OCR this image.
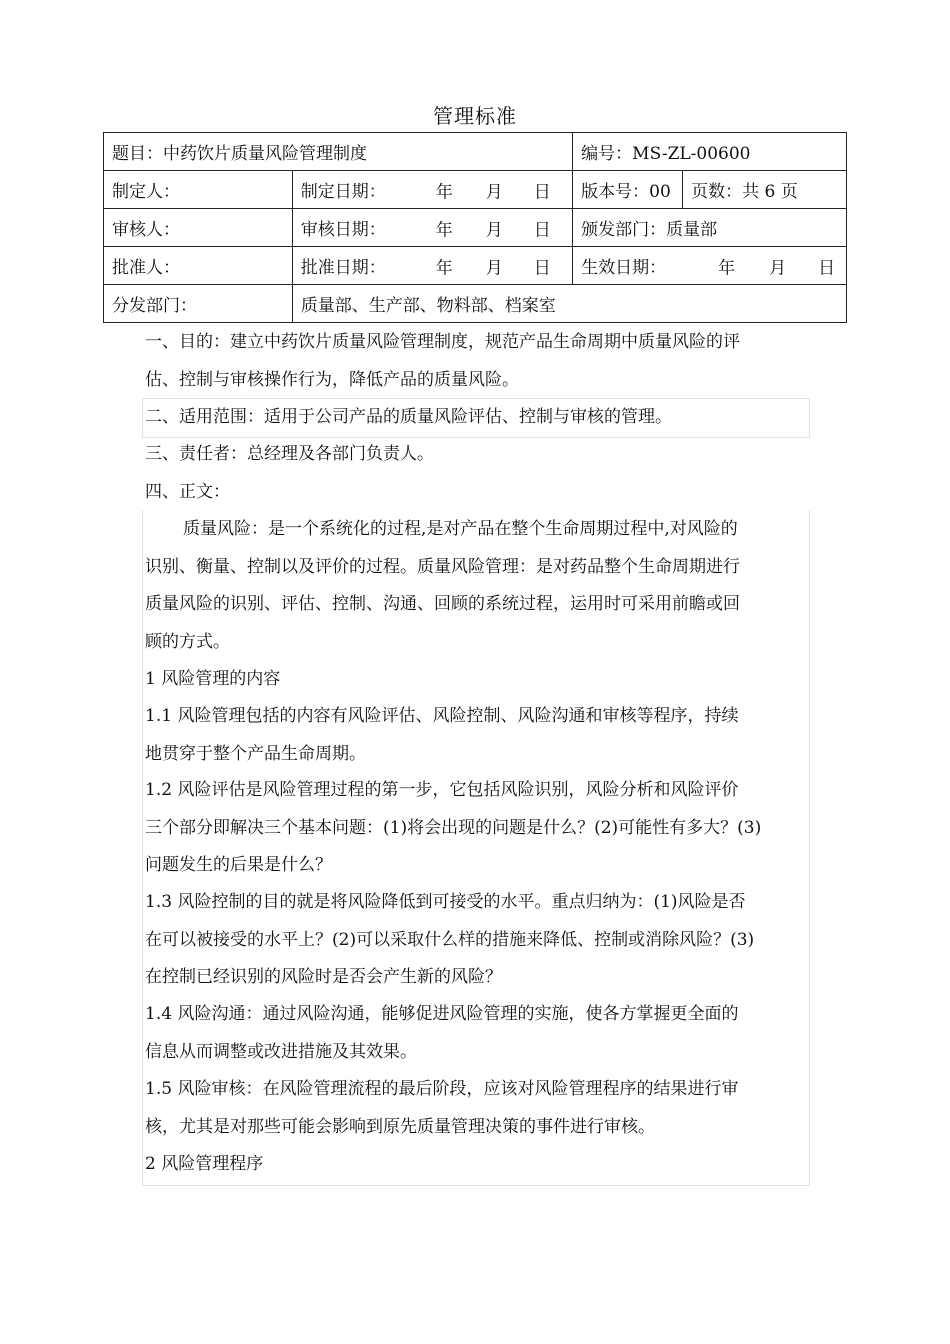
管理标准
题目：中药饮片质量风险管理制度		编号：MS-ZL-00600	
制定人：	制定日期： 年 月 日	版本号：00	页数：共 6 页
审核人：	审核日期： 年 月 日	颁发部门：质量部	
批准人：	批准日期： 年 月 日	生效日期： 年 月 日	

分发部门：	质量部、生产部、物料部、档案室		
一、目的：建立中药饮片质量风险管理制度，规范产品生命周期中质量风险的评
估、控制与审核操作行为，降低产品的质量风险。
二、适用范围：适用于公司产品的质量风险评估、控制与审核的管理。
三、责任者：总经理及各部门负责人。
四、正文：
质量风险：是一个系统化的过程,是对产品在整个生命周期过程中,对风险的
识别、衡量、控制以及评价的过程。质量风险管理：是对药品整个生命周期进行
质量风险的识别、评估、控制、沟通、回顾的系统过程，运用时可采用前瞻或回
顾的方式。
1 风险管理的内容
1.1 风险管理包括的内容有风险评估、风险控制、风险沟通和审核等程序，持续
地贯穿于整个产品生命周期。
1.2 风险评估是风险管理过程的第一步，它包括风险识别，风险分析和风险评价
三个部分即解决三个基本问题：(1)将会出现的问题是什么？(2)可能性有多大？(3)
问题发生的后果是什么？
1.3 风险控制的目的就是将风险降低到可接受的水平。重点归纳为：(1)风险是否
在可以被接受的水平上？(2)可以采取什么样的措施来降低、控制或消除风险？(3)
在控制已经识别的风险时是否会产生新的风险？
1.4 风险沟通：通过风险沟通，能够促进风险管理的实施，使各方掌握更全面的
信息从而调整或改进措施及其效果。
1.5 风险审核：在风险管理流程的最后阶段，应该对风险管理程序的结果进行审
核，尤其是对那些可能会影响到原先质量管理决策的事件进行审核。
2 风险管理程序
